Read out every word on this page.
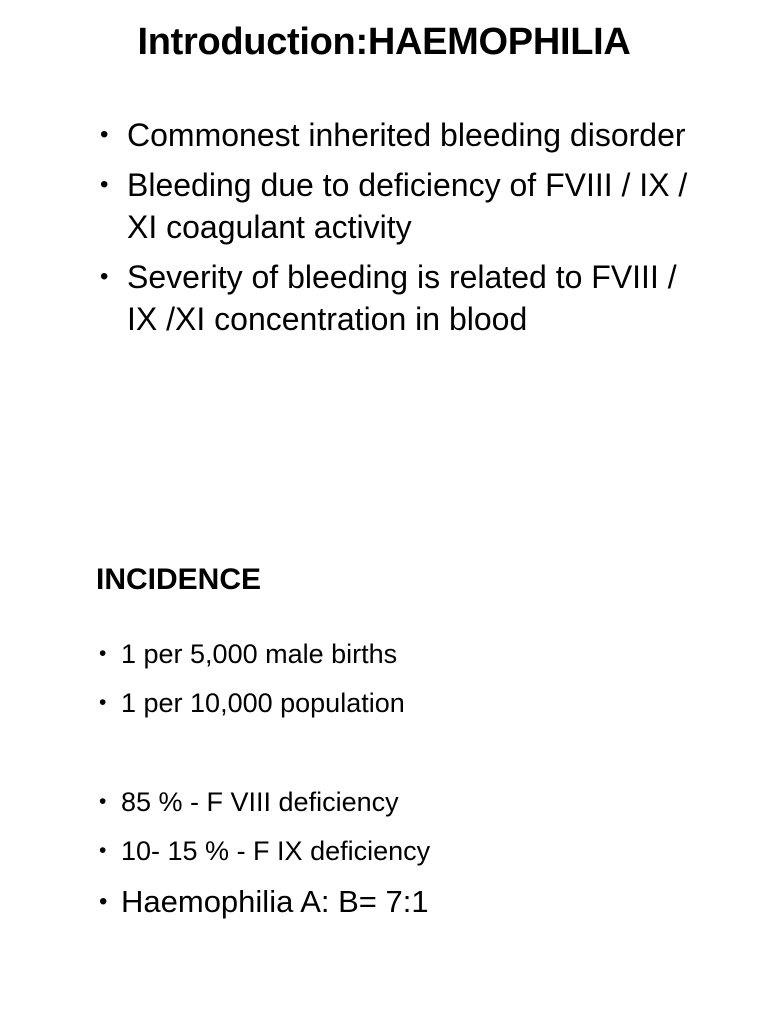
Introduction:HAEMOPHILIA
• Commonest inherited bleeding disorder
• Bleeding due to deficiency of FVIII / IX / XI coagulant activity
• Severity of bleeding is related to FVIII / IX /XI concentration in blood
INCIDENCE
• 1 per 5,000 male births
• 1 per 10,000 population
• 85 % - F VIII deficiency
• 10- 15 % - F IX deficiency
• Haemophilia A: B= 7:1
